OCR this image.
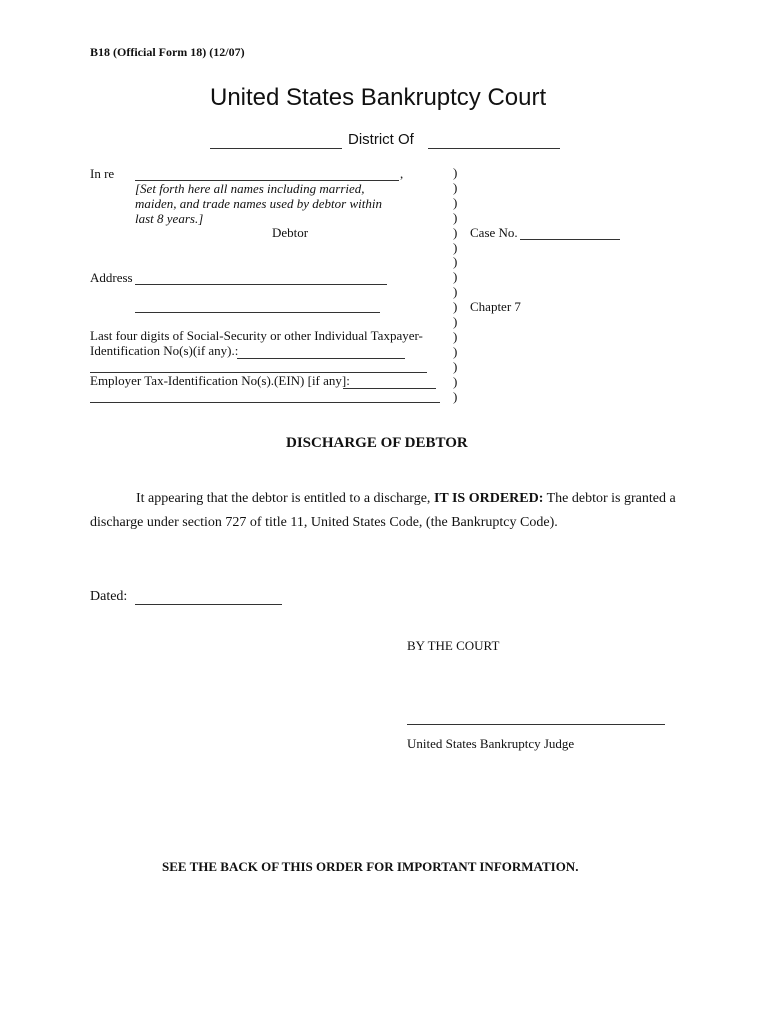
B18 (Official Form 18) (12/07)
United States Bankruptcy Court
District Of
In re	,
[Set forth here all names including married,
maiden, and trade names used by debtor within
last 8 years.]
Debtor
Address
Last four digits of Social-Security or other Individual Taxpayer-
Identification No(s)(if any).:
Employer Tax-Identification No(s).(EIN) [if any]:
)
)
)
)
)
)
)
)
)
)
)
)
)
)
)
)
Case No.
Chapter 7
DISCHARGE OF DEBTOR
It appearing that the debtor is entitled to a discharge, IT IS ORDERED: The debtor is granted a
discharge under section 727 of title 11, United States Code, (the Bankruptcy Code).
Dated:
BY THE COURT
United States Bankruptcy Judge
SEE THE BACK OF THIS ORDER FOR IMPORTANT INFORMATION.
